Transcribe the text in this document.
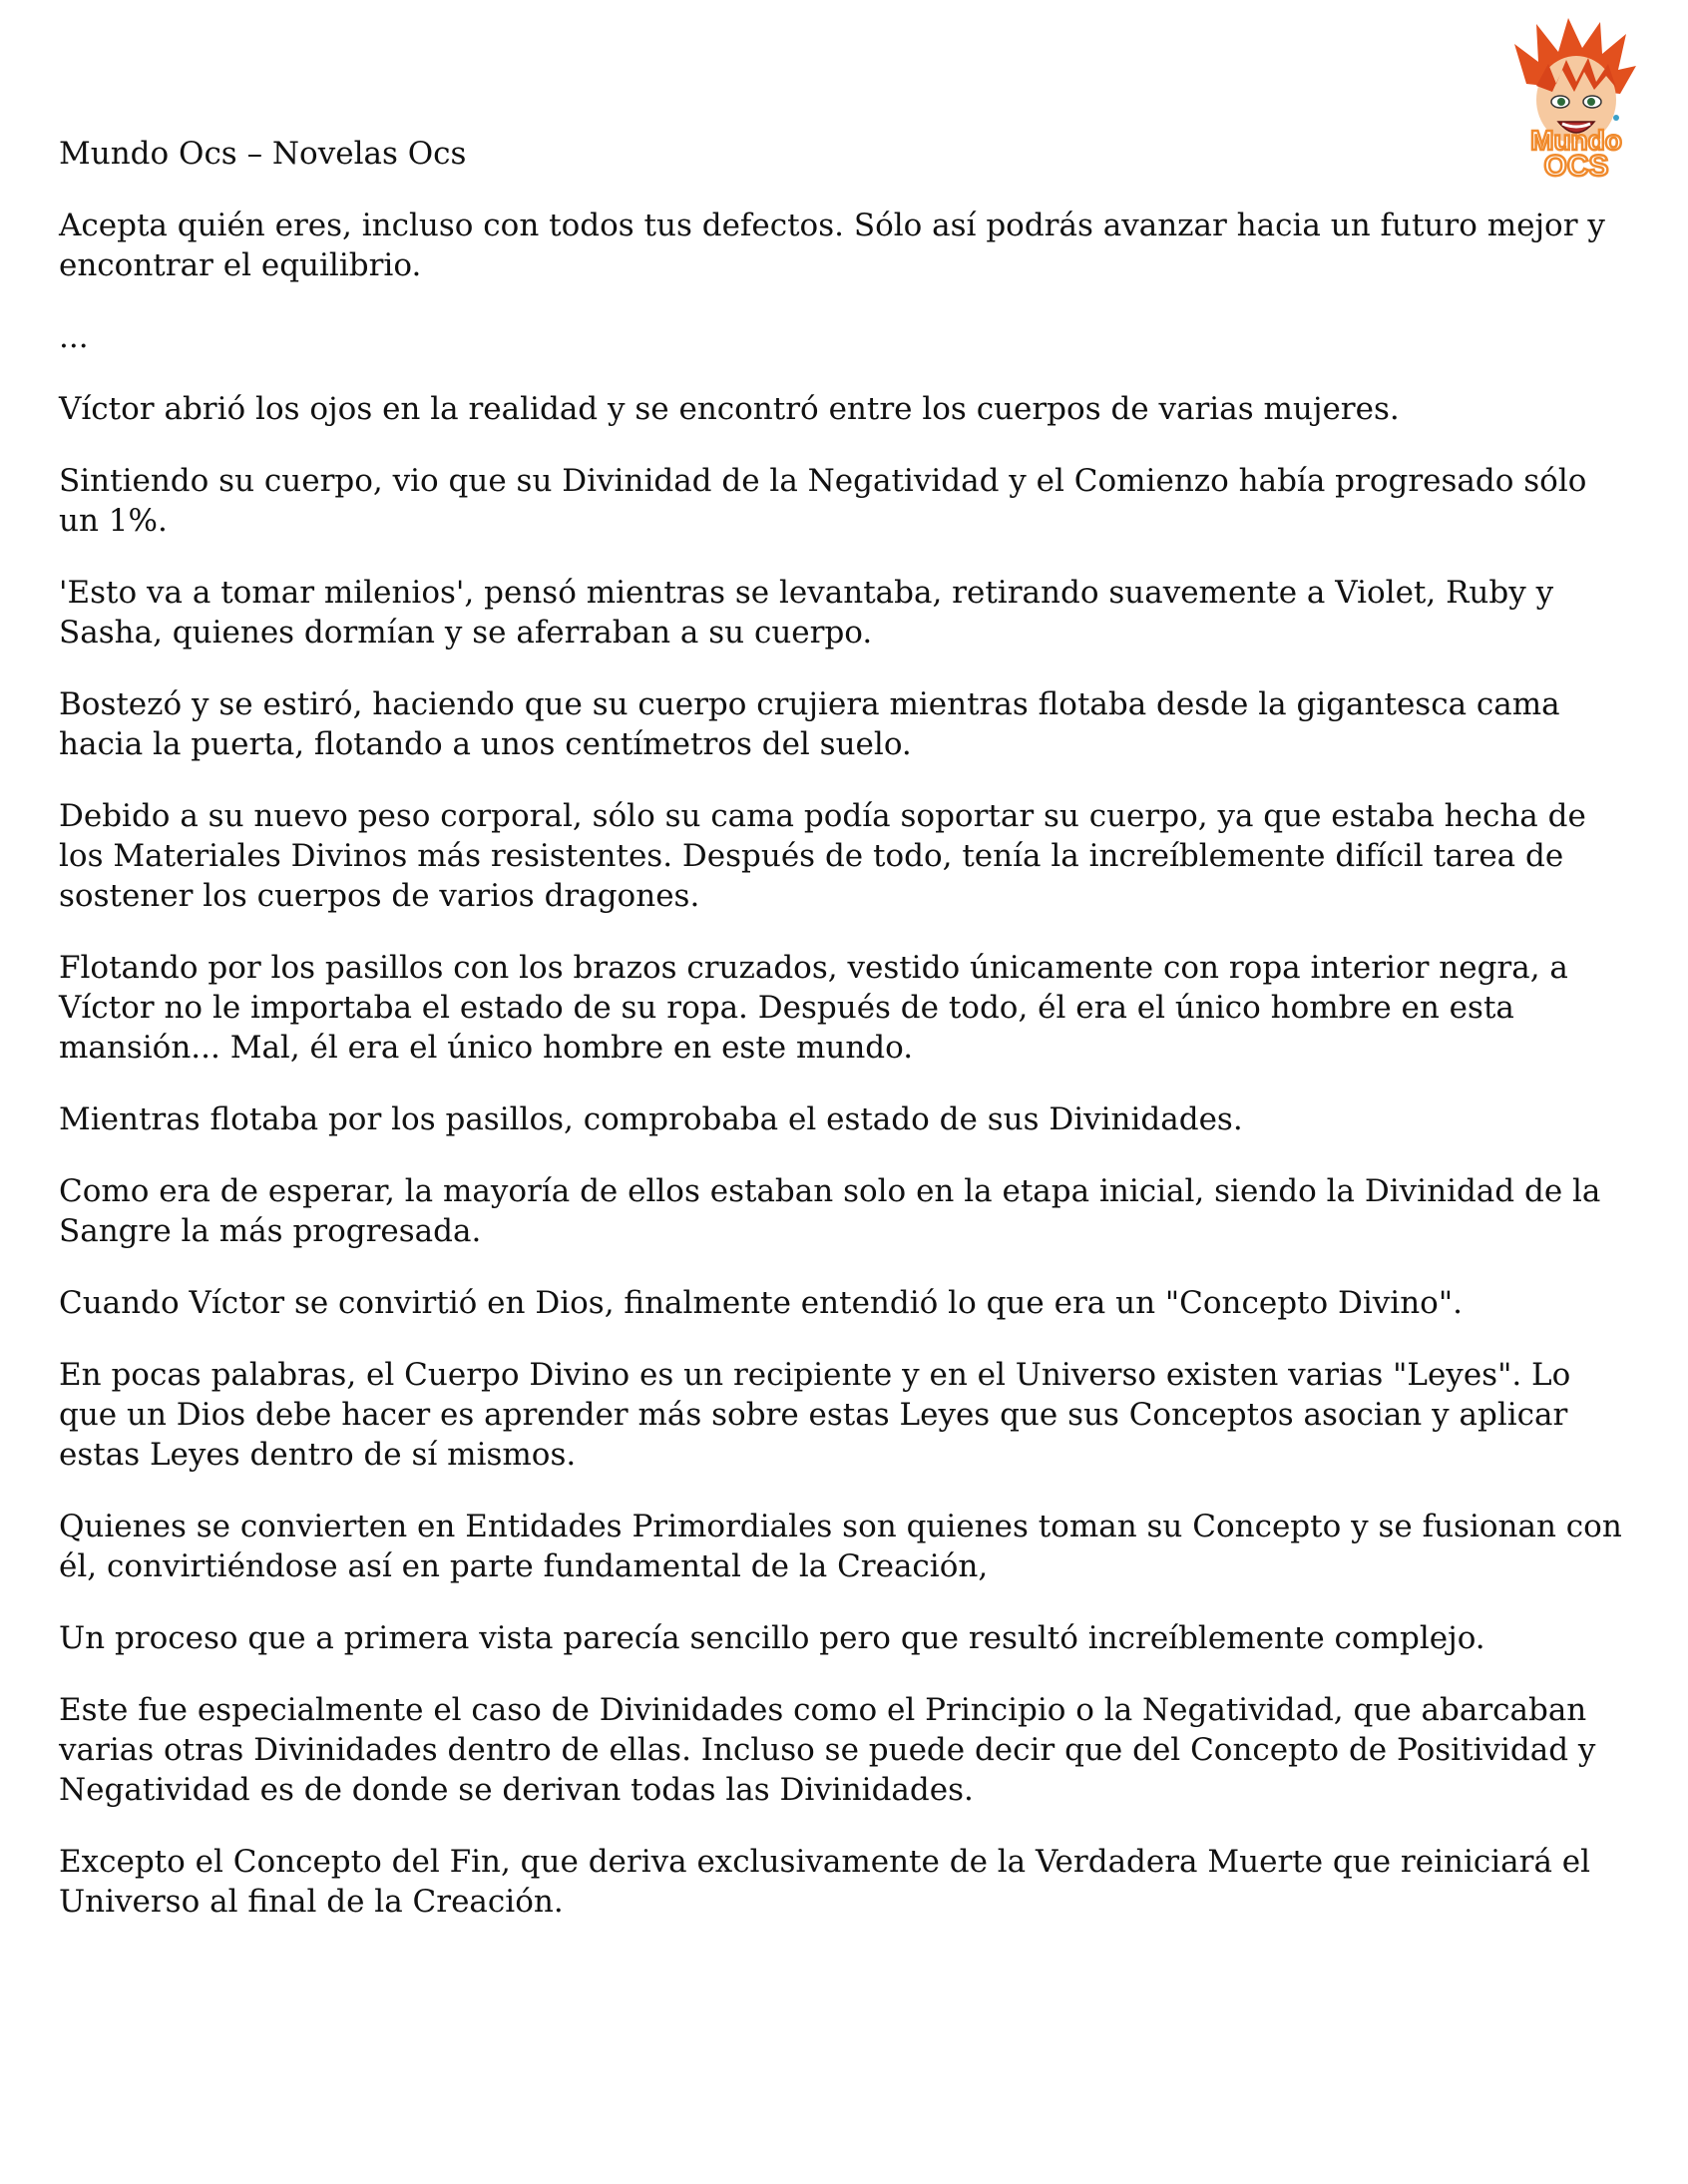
Mundo
OCS

Mundo Ocs – Novelas Ocs

Acepta quién eres, incluso con todos tus defectos. Sólo así podrás avanzar hacia un futuro mejor y encontrar el equilibrio.

...

Víctor abrió los ojos en la realidad y se encontró entre los cuerpos de varias mujeres.

Sintiendo su cuerpo, vio que su Divinidad de la Negatividad y el Comienzo había progresado sólo un 1%.

'Esto va a tomar milenios', pensó mientras se levantaba, retirando suavemente a Violet, Ruby y Sasha, quienes dormían y se aferraban a su cuerpo.

Bostezó y se estiró, haciendo que su cuerpo crujiera mientras flotaba desde la gigantesca cama hacia la puerta, flotando a unos centímetros del suelo.

Debido a su nuevo peso corporal, sólo su cama podía soportar su cuerpo, ya que estaba hecha de los Materiales Divinos más resistentes. Después de todo, tenía la increíblemente difícil tarea de sostener los cuerpos de varios dragones.

Flotando por los pasillos con los brazos cruzados, vestido únicamente con ropa interior negra, a Víctor no le importaba el estado de su ropa. Después de todo, él era el único hombre en esta mansión... Mal, él era el único hombre en este mundo.

Mientras flotaba por los pasillos, comprobaba el estado de sus Divinidades.

Como era de esperar, la mayoría de ellos estaban solo en la etapa inicial, siendo la Divinidad de la Sangre la más progresada.

Cuando Víctor se convirtió en Dios, finalmente entendió lo que era un "Concepto Divino".

En pocas palabras, el Cuerpo Divino es un recipiente y en el Universo existen varias "Leyes". Lo que un Dios debe hacer es aprender más sobre estas Leyes que sus Conceptos asocian y aplicar estas Leyes dentro de sí mismos.

Quienes se convierten en Entidades Primordiales son quienes toman su Concepto y se fusionan con él, convirtiéndose así en parte fundamental de la Creación,

Un proceso que a primera vista parecía sencillo pero que resultó increíblemente complejo.

Este fue especialmente el caso de Divinidades como el Principio o la Negatividad, que abarcaban varias otras Divinidades dentro de ellas. Incluso se puede decir que del Concepto de Positividad y Negatividad es de donde se derivan todas las Divinidades.

Excepto el Concepto del Fin, que deriva exclusivamente de la Verdadera Muerte que reiniciará el Universo al final de la Creación.
